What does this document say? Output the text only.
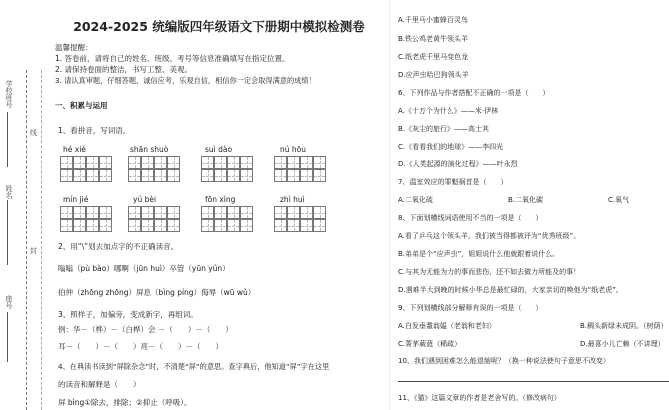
学校班号
姓名
座号
线
封
2024-2025 统编版四年级语文下册期中模拟检测卷
温馨提醒：
1. 答卷前，请将自己的姓名、班级、考号等信息准确填写在指定位置。
2. 请保持卷面的整洁，书写工整、美观。
3. 请认真审题，仔细答题，诚信应考，乐观自信，相信你一定会取得满意的成绩！
一、积累与运用
1、看拼音，写词语。
hé xié	shān shuò	suì dào	nú hōu
mín jié	yú bèi	fōn xìng	zhì huì
2、用“\”划去加点字的不正确读音。
嗡嗡（pù bào）哪啊（jūn huì）卒管（yūn yún）
伯仲（zhōng zhōng）屏息（bìng píng）侮辱（wū wǔ）
3、照样子，加偏旁，变成新字，再组词。
例：华－（桦）－（白桦）会 －（　　）－（　　）
耳－（　　）－（　　）亮－（　　）－（　　）
4、在典读书读到“屏除杂念”时，不清楚“屏”的意思。查字典后，他知道“屏”字在这里
的读音和解释是（　　）
屏 bìng①除去，排除；②抑止（呼吸）。
A.千里马小蜜蜂百灵鸟
B.铁公鸡老黄牛领头羊
C.纸老虎千里马变色龙
D.应声虫哈巴狗领头羊
6、下列作品与作者搭配不正确的一项是（　　）
A.《十万个为什么》——米·伊林
B.《灰尘的旅行》——高士其
C.《看看我们的地球》——李四光
D.《人类起源的演化过程》——叶永烈
7、温室效应的罪魁祸首是（　　）
A.二氧化硫	B.二氧化碳	C.氧气
8、下面划横线词语使用不当的一项是（　　）
A.看了乒乓这个领头羊，我们被当得都被评为“优秀班级”。
B.弟弟是个“应声虫”，姐姐说什么他就跟着说什么。
C.与其为无能为力的事而悲伤，还不如去做力所能及的事！
D.遇难半大到晚的时候小华总是最忙碌的，大家亲切的唤他为“纸老虎”。
9、下列划横线部分解释有误的一项是（　　）
A.白发垂耋翁媪（老翁和老妇）	B.稠头新绿未成阴。（树荫）
C.菁茅葳蕤（稀疏）	D.最喜小儿亡赖（不讲理）
10、我们遇到困难怎么能退缩呢？（换一种说法使句子意思不改变）
11、《猫》这篇文章的作者是老舍写的。（修改病句）
